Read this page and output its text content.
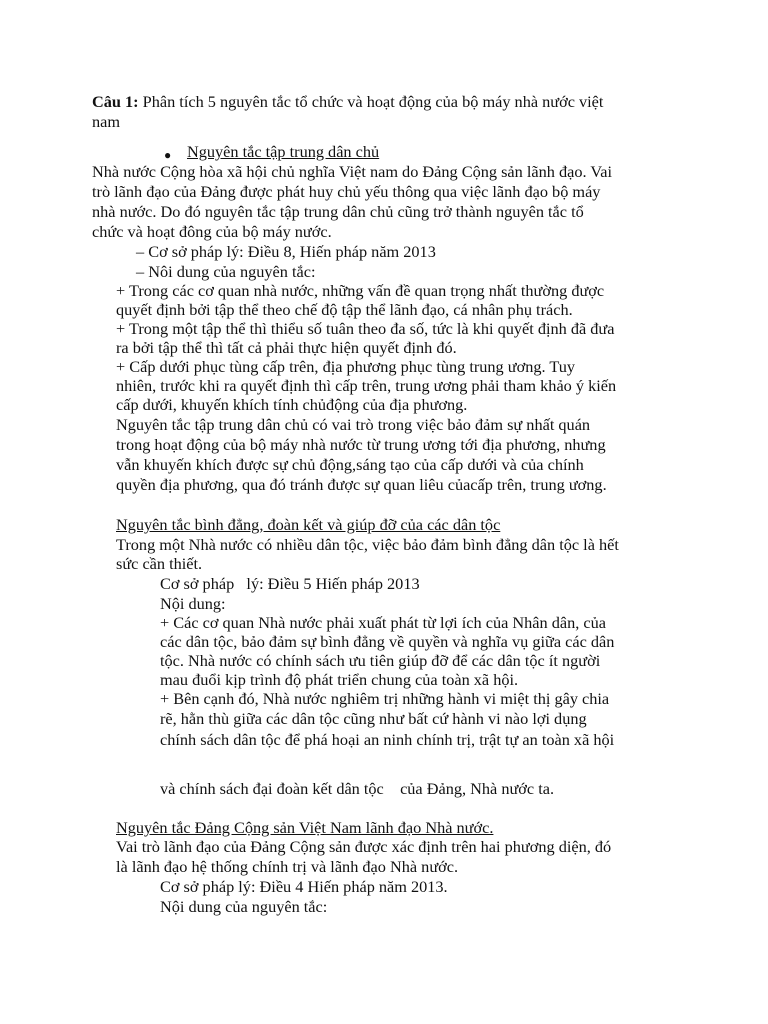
Câu 1: Phân tích 5 nguyên tắc tổ chức và hoạt động của bộ máy nhà nước việt

nam

● Nguyên tắc tập trung dân chủ

Nhà nước Cộng hòa xã hội chủ nghĩa Việt nam do Đảng Cộng sản lãnh đạo. Vai

trò lãnh đạo của Đảng được phát huy chủ yếu thông qua việc lãnh đạo bộ máy

nhà nước. Do đó nguyên tắc tập trung dân chủ cũng trở thành nguyên tắc tổ

chức và hoạt đông của bộ máy nước.

– Cơ sở pháp lý: Điều 8, Hiến pháp năm 2013

– Nôi dung của nguyên tắc:

+ Trong các cơ quan nhà nước, những vấn đề quan trọng nhất thường được

quyết định bởi tập thể theo chế độ tập thể lãnh đạo, cá nhân phụ trách.

+ Trong một tập thể thì thiểu số tuân theo đa số, tức là khi quyết định đã đưa

ra bởi tập thể thì tất cả phải thực hiện quyết định đó.

+ Cấp dưới phục tùng cấp trên, địa phương phục tùng trung ương. Tuy

nhiên, trước khi ra quyết định thì cấp trên, trung ương phải tham khảo ý kiến

cấp dưới, khuyến khích tính chủđộng của địa phương.

Nguyên tắc tập trung dân chủ có vai trò trong việc bảo đảm sự nhất quán

trong hoạt động của bộ máy nhà nước từ trung ương tới địa phương, nhưng

vẫn khuyến khích được sự chủ động,sáng tạo của cấp dưới và của chính

quyền địa phương, qua đó tránh được sự quan liêu củacấp trên, trung ương.

Nguyên tắc bình đẳng, đoàn kết và giúp đỡ của các dân tộc

Trong một Nhà nước có nhiều dân tộc, việc bảo đảm bình đẳng dân tộc là hết

sức cần thiết.

Cơ sở pháp   lý: Điều 5 Hiến pháp 2013

Nội dung:

+ Các cơ quan Nhà nước phải xuất phát từ lợi ích của Nhân dân, của

các dân tộc, bảo đảm sự bình đẳng về quyền và nghĩa vụ giữa các dân

tộc. Nhà nước có chính sách ưu tiên giúp đỡ để các dân tộc ít người

mau đuổi kịp trình độ phát triển chung của toàn xã hội.

+ Bên cạnh đó, Nhà nước nghiêm trị những hành vi miệt thị gây chia

rẽ, hằn thù giữa các dân tộc cũng như bất cứ hành vi nào lợi dụng

chính sách dân tộc để phá hoại an ninh chính trị, trật tự an toàn xã hội

và chính sách đại đoàn kết dân tộc    của Đảng, Nhà nước ta.

Nguyên tắc Đảng Cộng sản Việt Nam lãnh đạo Nhà nước.

Vai trò lãnh đạo của Đảng Cộng sản được xác định trên hai phương diện, đó

là lãnh đạo hệ thống chính trị và lãnh đạo Nhà nước.

Cơ sở pháp lý: Điều 4 Hiến pháp năm 2013.

Nội dung của nguyên tắc:
